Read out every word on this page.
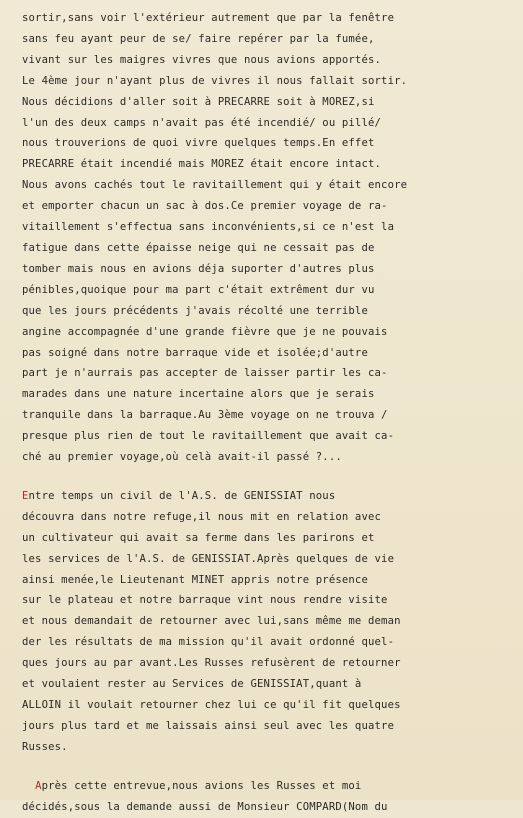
sortir,sans voir l'extérieur autrement que par la fenêtre
sans feu ayant peur de se/ faire repérer par la fumée,
vivant sur les maigres vivres que nous avions apportés.
Le 4ème jour n'ayant plus de vivres il nous fallait sortir.
Nous décidions d'aller soit à PRECARRE soit à MOREZ,si
l'un des deux camps n'avait pas été incendié/ ou pillé/
nous trouverions de quoi vivre quelques temps.En effet
PRECARRE était incendié mais MOREZ était encore intact.
Nous avons cachés tout le ravitaillement qui y était encore
et emporter chacun un sac à dos.Ce premier voyage de ra-
vitaillement s'effectua sans inconvénients,si ce n'est la
fatigue dans cette épaisse neige qui ne cessait pas de
tomber mais nous en avions déja suporter d'autres plus
pénibles,quoique pour ma part c'était extrêment dur vu
que les jours précédents j'avais récolté une terrible
angine accompagnée d'une grande fièvre que je ne pouvais
pas soigné dans notre barraque vide et isolée;d'autre
part je n'aurrais pas accepter de laisser partir les ca-
marades dans une nature incertaine alors que je serais
tranquile dans la barraque.Au 3ème voyage on ne trouva /
presque plus rien de tout le ravitaillement que avait ca-
ché au premier voyage,où celà avait-il passé ?...
Entre temps un civil de l'A.S. de GENISSIAT nous
découvra dans notre refuge,il nous mit en relation avec
un cultivateur qui avait sa ferme dans les parirons et
les services de l'A.S. de GENISSIAT.Après quelques de vie
ainsi menée,le Lieutenant MINET appris notre présence
sur le plateau et notre barraque vint nous rendre visite
et nous demandait de retourner avec lui,sans même me deman
der les résultats de ma mission qu'il avait ordonné quel-
ques jours au par avant.Les Russes refusèrent de retourner
et voulaient rester au Services de GENISSIAT,quant à
ALLOIN il voulait retourner chez lui ce qu'il fit quelques
jours plus tard et me laissais ainsi seul avec les quatre
Russes.
Après cette entrevue,nous avions les Russes et moi
décidés,sous la demande aussi de Monsieur COMPARD(Nom du
